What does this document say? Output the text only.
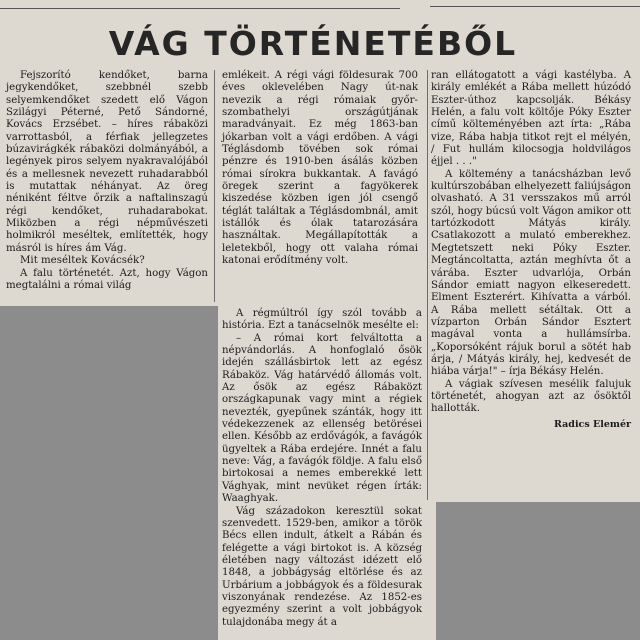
VÁG TÖRTÉNETÉBŐL

Fejszorító kendőket, barna jegykendőket, szebbnél szebb selyemkendőket szedett elő Vágon Szilágyi Péterné, Pető Sándorné, Kovács Erzsébet. – híres rábaközi varrottasból, a férfiak jellegzetes búzavirágkék rábaközi dolmányából, a legények piros selyem nyakravalójából és a mellesnek nevezett ruhadarabból is mutattak néhányat. Az öreg néniként féltve őrzik a naftalinszagú régi kendőket, ruhadarabokat. Miközben a régi népművészeti holmikról meséltek, említették, hogy másról is híres ám Vág.

Mit meséltek Kovácsék?

A falu történetét. Azt, hogy Vágon megtalálni a római világ

emlékeit. A régi vági földesurak 700 éves oklevelében Nagy út-nak nevezik a régi rómaiak győr-szombathelyi országútjának maradványait. Ez még 1863-ban jókarban volt a vági erdőben. A vági Téglásdomb tövében sok római pénzre és 1910-ben ásálás közben római sírokra bukkantak. A favágó öregek szerint a fagyökerek kiszedése közben igen jól csengő téglát találtak a Téglásdombnál, amit istállók és ólak tatarozására használtak. Megállapították a leletekből, hogy ott valaha római katonai erődítmény volt.

A régmúltról így szól tovább a história. Ezt a tanácselnök mesélte el:

– A római kort felváltotta a népvándorlás. A honfoglaló ősök idején szállásbirtok lett az egész Rábaköz. Vág határvédő állomás volt. Az ősök az egész Rábaközt országkapunak vagy mint a régiek nevezték, gyepűnek szánták, hogy itt védekezzenek az ellenség betörései ellen. Később az erdővágók, a favágók ügyeltek a Rába erdejére. Innét a falu neve: Vág, a favágók földje. A falu első birtokosai a nemes emberekké lett Vághyak, mint nevüket régen írták: Waaghyak.

Vág századokon keresztül sokat szenvedett. 1529-ben, amikor a török Bécs ellen indult, átkelt a Rábán és felégette a vági birtokot is. A község életében nagy változást idézett elő 1848, a jobbágyság eltörlése és az Urbárium a jobbágyok és a földesurak viszonyának rendezése. Az 1852-es egyezmény szerint a volt jobbágyok tulajdonába megy át a

ran ellátogatott a vági kastélyba. A király emlékét a Rába mellett húzódó Eszter-úthoz kapcsolják. Békásy Helén, a falu volt költője Póky Eszter című költeményében azt írta: „Rába vize, Rába habja titkot rejt el mélyén, / Fut hullám kilocsogja holdvilágos éjjel . . ."

A költemény a tanácsházban levő kultúrszobában elhelyezett faliújságon olvasható. A 31 versszakos mű arról szól, hogy búcsú volt Vágon amikor ott tartózkodott Mátyás király. Csatlakozott a mulató emberekhez. Megtetszett neki Póky Eszter. Megtáncoltatta, aztán meghívta őt a várába. Eszter udvarlója, Orbán Sándor emiatt nagyon elkeseredett. Elment Eszterért. Kihívatta a várból. A Rába mellett sétáltak. Ott a vízparton Orbán Sándor Esztert magával vonta a hullámsírba. „Koporsóként rájuk borul a sötét hab árja, / Mátyás király, hej, kedvesét de hiába várja!" – írja Békásy Helén.

A vágiak szívesen mesélik falujuk történetét, ahogyan azt az ősöktől hallották.

Radics Elemér
